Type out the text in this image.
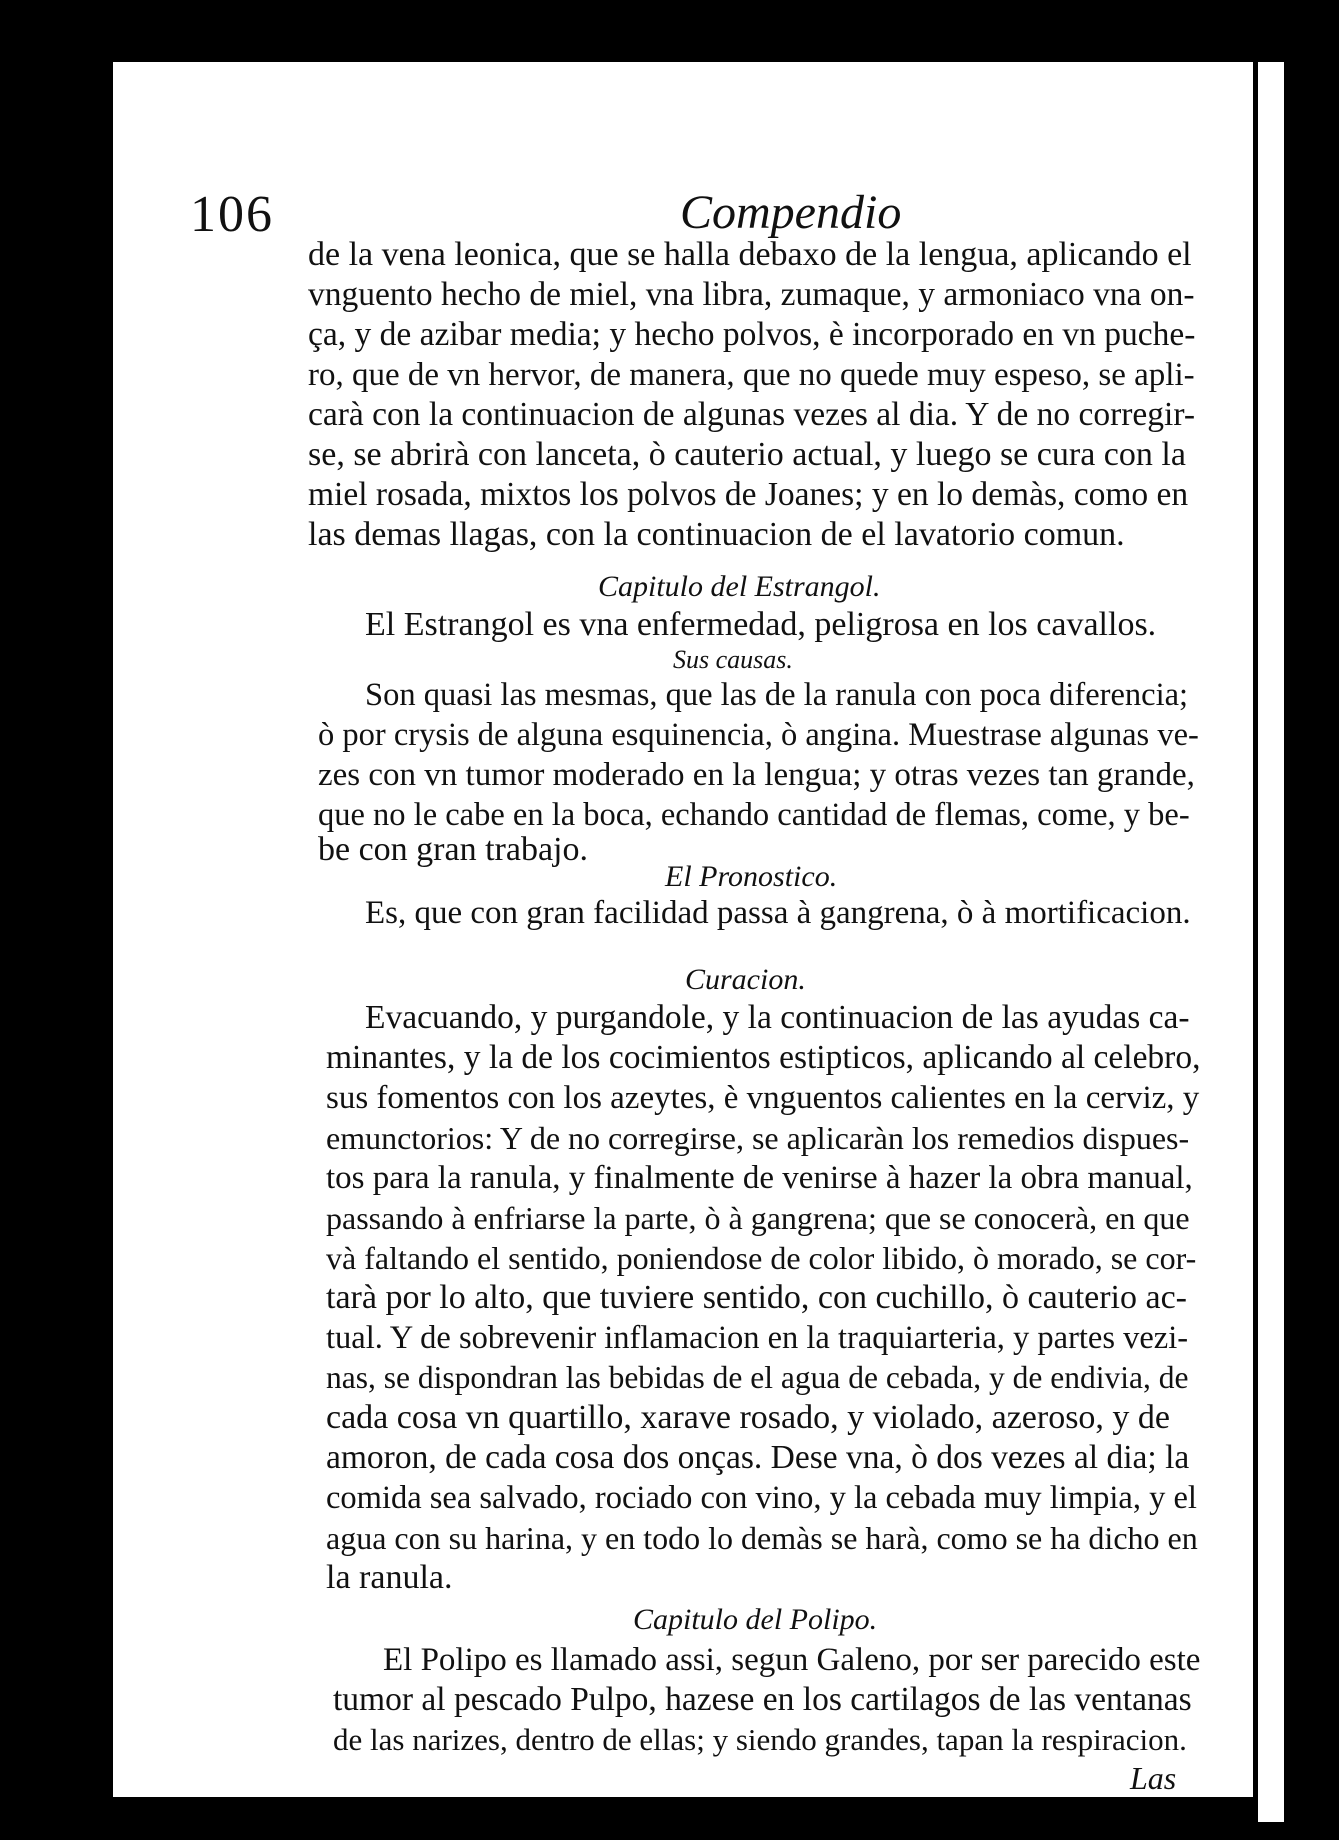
106	Compendio
de la vena leonica, que se halla debaxo de la lengua, aplicando el
vnguento hecho de miel, vna libra, zumaque, y armoniaco vna on-
ça, y de azibar media; y hecho polvos, è incorporado en vn puche-
ro, que de vn hervor, de manera, que no quede muy espeso, se apli-
carà con la continuacion de algunas vezes al dia. Y de no corregir-
se, se abrirà con lanceta, ò cauterio actual, y luego se cura con la
miel rosada, mixtos los polvos de Joanes; y en lo demàs, como en
las demas llagas, con la continuacion de el lavatorio comun.
Capitulo del Estrangol.
El Estrangol es vna enfermedad, peligrosa en los cavallos.
Sus causas.
Son quasi las mesmas, que las de la ranula con poca diferencia;
ò por crysis de alguna esquinencia, ò angina. Muestrase algunas ve-
zes con vn tumor moderado en la lengua; y otras vezes tan grande,
que no le cabe en la boca, echando cantidad de flemas, come, y be-
be con gran trabajo.
El Pronostico.
Es, que con gran facilidad passa à gangrena, ò à mortificacion.
Curacion.
Evacuando, y purgandole, y la continuacion de las ayudas ca-
minantes, y la de los cocimientos estipticos, aplicando al celebro,
sus fomentos con los azeytes, è vnguentos calientes en la cerviz, y
emunctorios: Y de no corregirse, se aplicaràn los remedios dispues-
tos para la ranula, y finalmente de venirse à hazer la obra manual,
passando à enfriarse la parte, ò à gangrena; que se conocerà, en que
và faltando el sentido, poniendose de color libido, ò morado, se cor-
tarà por lo alto, que tuviere sentido, con cuchillo, ò cauterio ac-
tual. Y de sobrevenir inflamacion en la traquiarteria, y partes vezi-
nas, se dispondran las bebidas de el agua de cebada, y de endivia, de
cada cosa vn quartillo, xarave rosado, y violado, azeroso, y de
amoron, de cada cosa dos onças. Dese vna, ò dos vezes al dia; la
comida sea salvado, rociado con vino, y la cebada muy limpia, y el
agua con su harina, y en todo lo demàs se harà, como se ha dicho en
la ranula.
Capitulo del Polipo.
El Polipo es llamado assi, segun Galeno, por ser parecido este
tumor al pescado Pulpo, hazese en los cartilagos de las ventanas
de las narizes, dentro de ellas; y siendo grandes, tapan la respiracion.
Las
